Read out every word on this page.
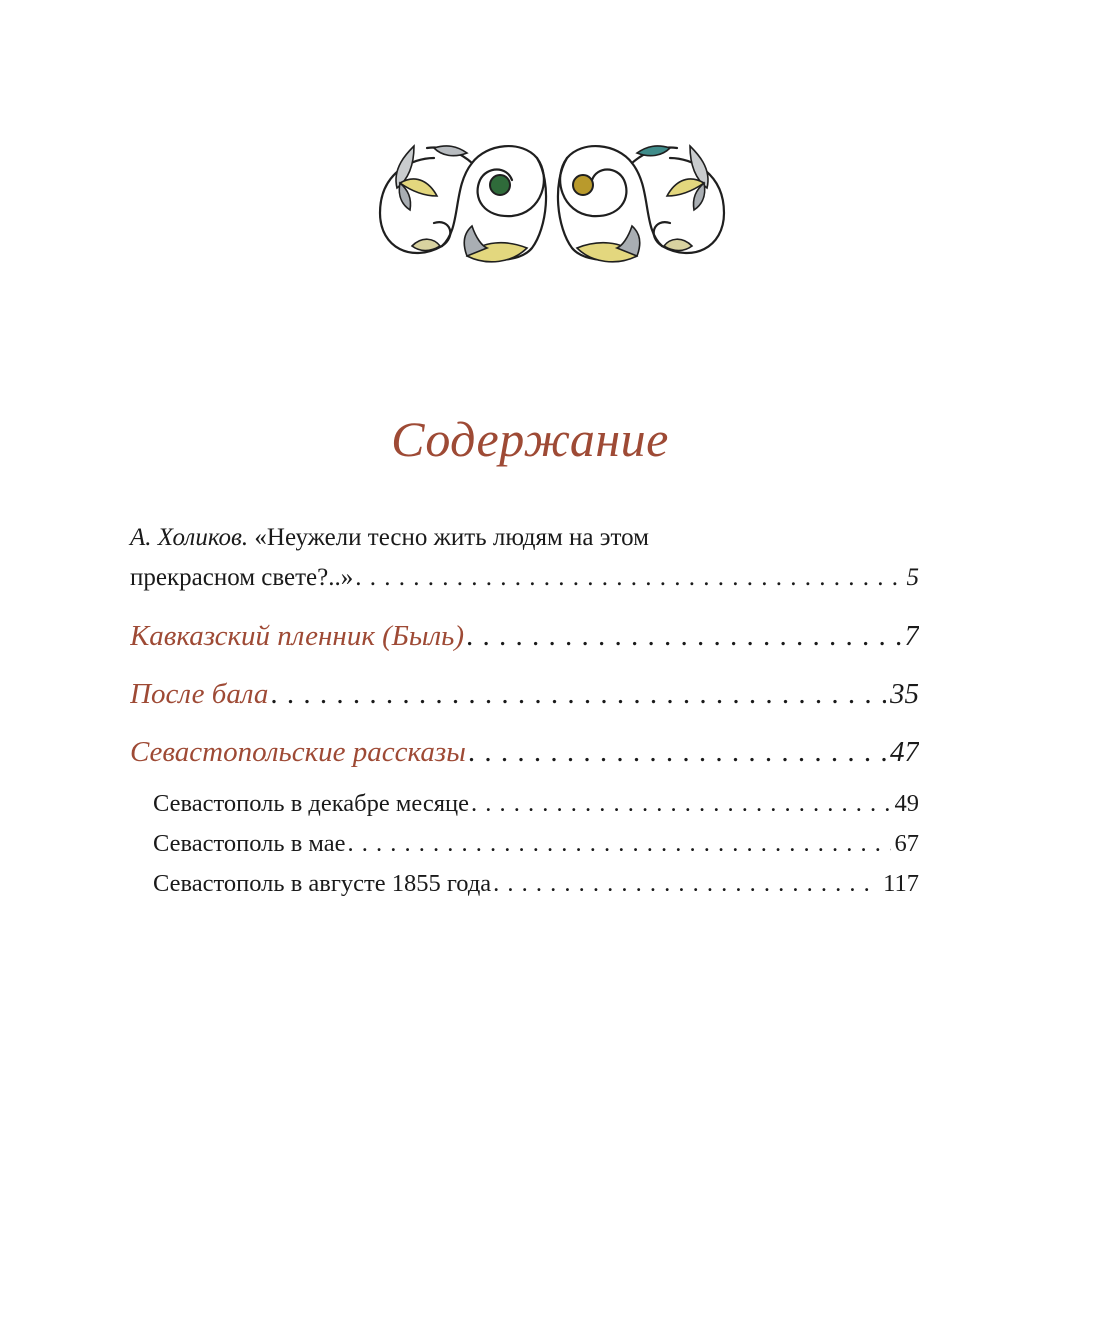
Содержание
А. Холиков. «Неужели тесно жить людям на этом
прекрасном свете?..» . . .	5
Кавказский пленник (Быль) . . .	7
После бала . . .	35
Севастопольские рассказы . . .	47
Севастополь в декабре месяце . . .	49
Севастополь в мае . . .	67
Севастополь в августе 1855 года . . .	117
